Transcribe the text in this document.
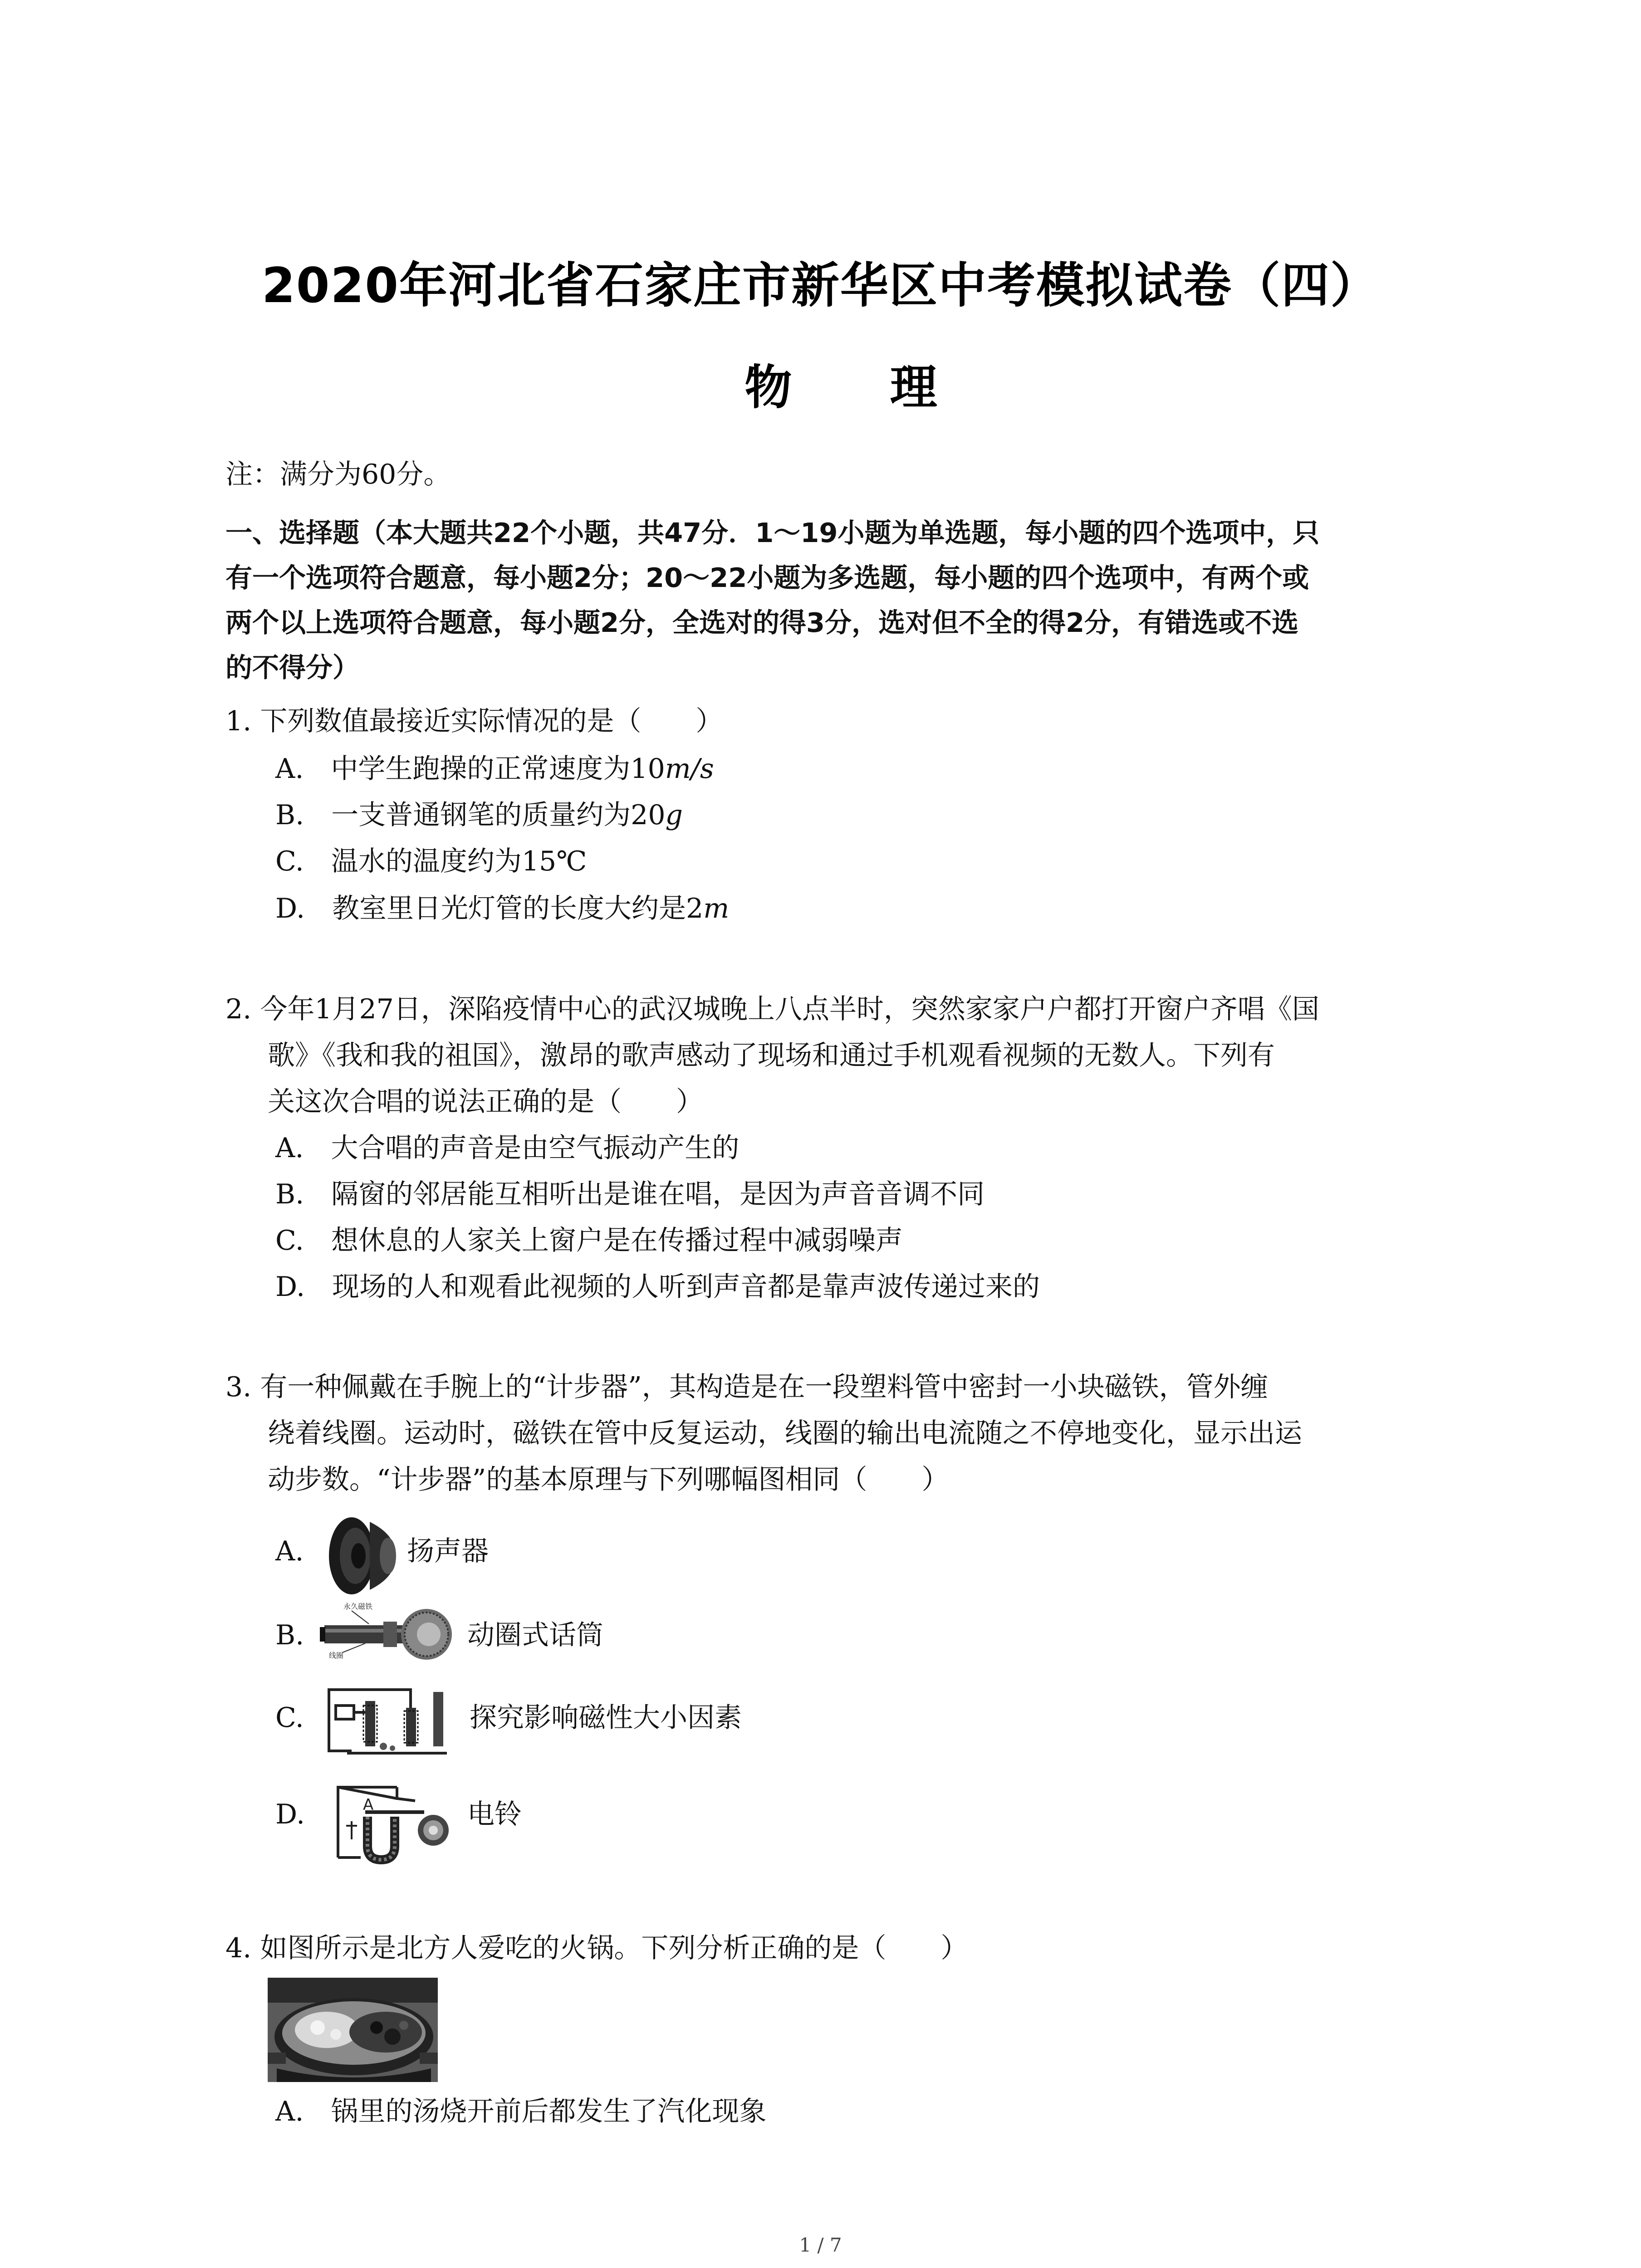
2020年河北省石家庄市新华区中考模拟试卷（四）
物 理
注：满分为60分。
一、选择题（本大题共22个小题，共47分．1～19小题为单选题，每小题的四个选项中，只
有一个选项符合题意，每小题2分；20～22小题为多选题，每小题的四个选项中，有两个或
两个以上选项符合题意，每小题2分，全选对的得3分，选对但不全的得2分，有错选或不选
的不得分）
1. 下列数值最接近实际情况的是（　　）
A.　中学生跑操的正常速度为10m/s
B.　一支普通钢笔的质量约为20g
C.　温水的温度约为15℃
D.　教室里日光灯管的长度大约是2m
2. 今年1月27日，深陷疫情中心的武汉城晚上八点半时，突然家家户户都打开窗户齐唱《国
歌》《我和我的祖国》，激昂的歌声感动了现场和通过手机观看视频的无数人。下列有
关这次合唱的说法正确的是（　　）
A.　大合唱的声音是由空气振动产生的
B.　隔窗的邻居能互相听出是谁在唱，是因为声音音调不同
C.　想休息的人家关上窗户是在传播过程中减弱噪声
D.　现场的人和观看此视频的人听到声音都是靠声波传递过来的
3. 有一种佩戴在手腕上的“计步器”，其构造是在一段塑料管中密封一小块磁铁，管外缠
绕着线圈。运动时，磁铁在管中反复运动，线圈的输出电流随之不停地变化，显示出运
动步数。“计步器”的基本原理与下列哪幅图相同（　　）
A.	扬声器
B.
永久磁铁
线圈
动圈式话筒
C.	探究影响磁性大小因素
D.	A	电铃
4. 如图所示是北方人爱吃的火锅。下列分析正确的是（　　）
A.　锅里的汤烧开前后都发生了汽化现象
1 / 7
